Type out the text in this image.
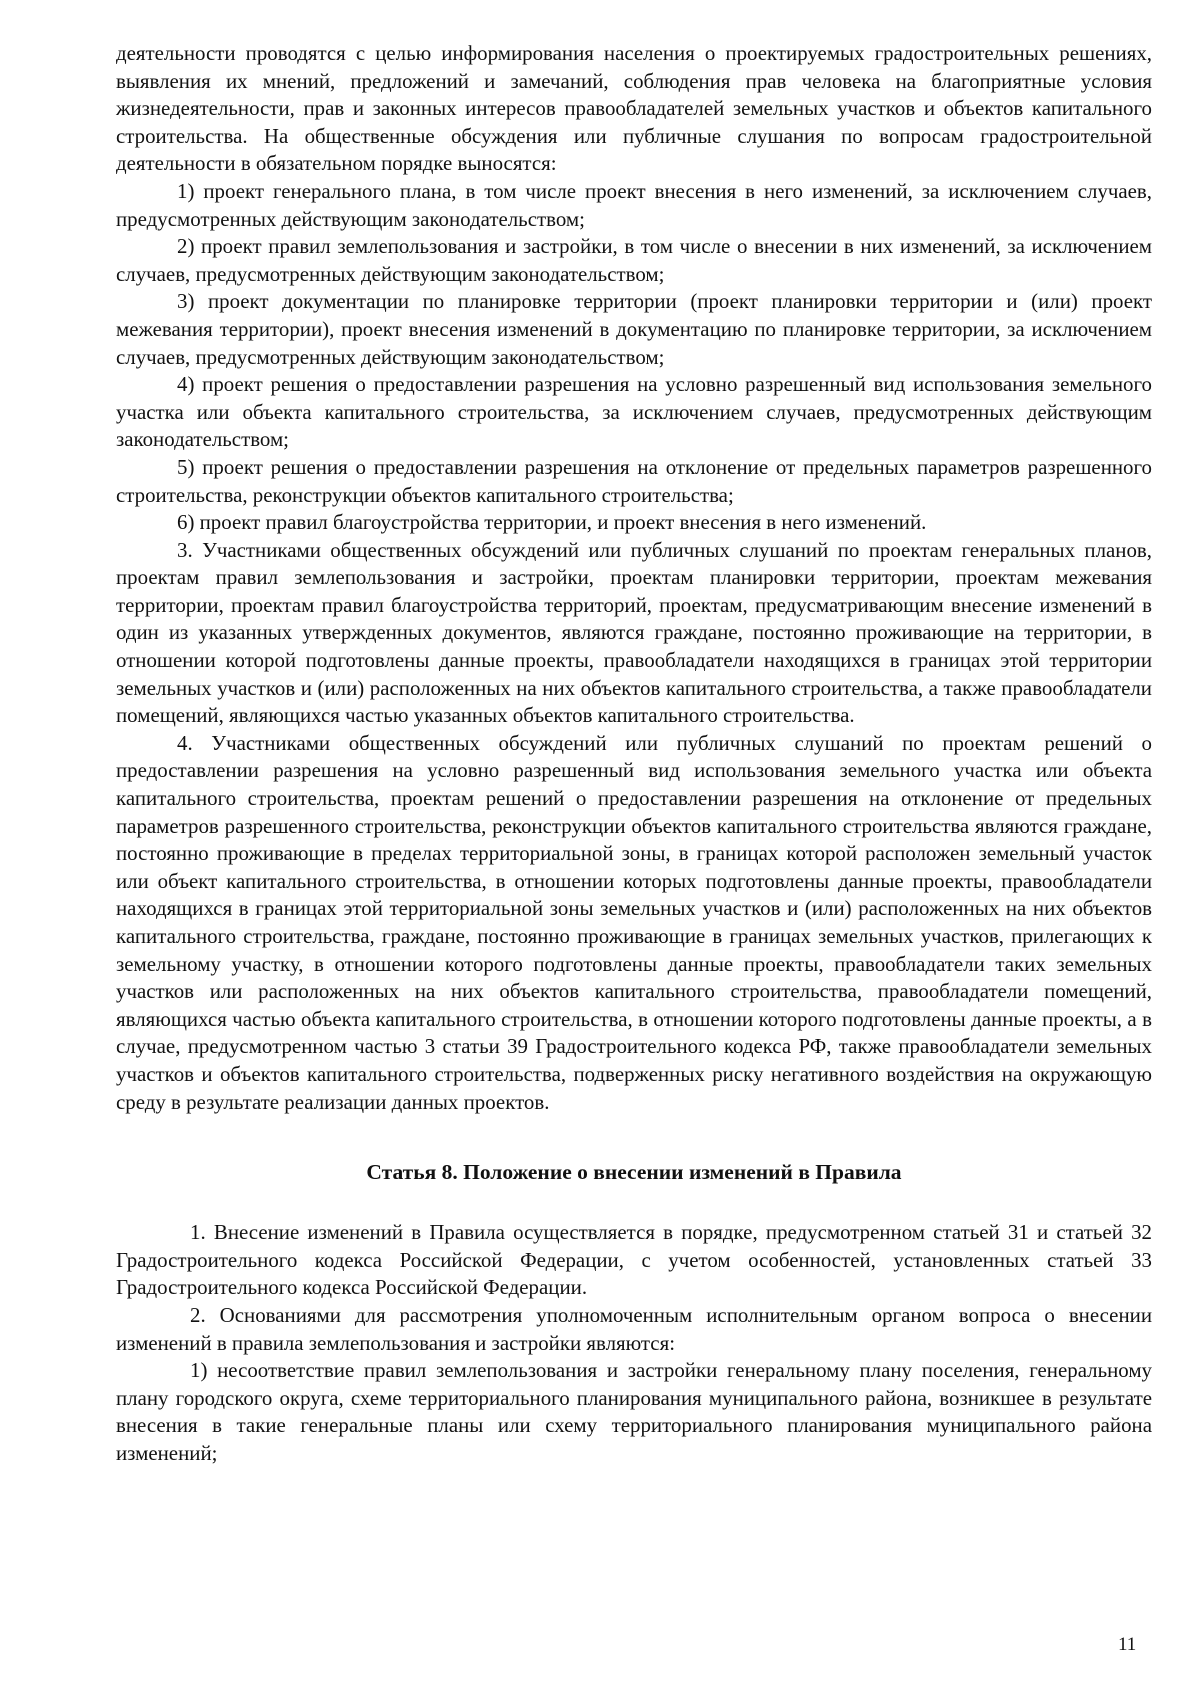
деятельности проводятся с целью информирования населения о проектируемых градостроительных решениях, выявления их мнений, предложений и замечаний, соблюдения прав человека на благоприятные условия жизнедеятельности, прав и законных интересов правообладателей земельных участков и объектов капитального строительства. На общественные обсуждения или публичные слушания по вопросам градостроительной деятельности в обязательном порядке выносятся:

1) проект генерального плана, в том числе проект внесения в него изменений, за исключением случаев, предусмотренных действующим законодательством;

2) проект правил землепользования и застройки, в том числе о внесении в них изменений, за исключением случаев, предусмотренных действующим законодательством;

3) проект документации по планировке территории (проект планировки территории и (или) проект межевания территории), проект внесения изменений в документацию по планировке территории, за исключением случаев, предусмотренных действующим законодательством;

4) проект решения о предоставлении разрешения на условно разрешенный вид использования земельного участка или объекта капитального строительства, за исключением случаев, предусмотренных действующим законодательством;

5) проект решения о предоставлении разрешения на отклонение от предельных параметров разрешенного строительства, реконструкции объектов капитального строительства;

6) проект правил благоустройства территории, и проект внесения в него изменений.

3. Участниками общественных обсуждений или публичных слушаний по проектам генеральных планов, проектам правил землепользования и застройки, проектам планировки территории, проектам межевания территории, проектам правил благоустройства территорий, проектам, предусматривающим внесение изменений в один из указанных утвержденных документов, являются граждане, постоянно проживающие на территории, в отношении которой подготовлены данные проекты, правообладатели находящихся в границах этой территории земельных участков и (или) расположенных на них объектов капитального строительства, а также правообладатели помещений, являющихся частью указанных объектов капитального строительства.

4. Участниками общественных обсуждений или публичных слушаний по проектам решений о предоставлении разрешения на условно разрешенный вид использования земельного участка или объекта капитального строительства, проектам решений о предоставлении разрешения на отклонение от предельных параметров разрешенного строительства, реконструкции объектов капитального строительства являются граждане, постоянно проживающие в пределах территориальной зоны, в границах которой расположен земельный участок или объект капитального строительства, в отношении которых подготовлены данные проекты, правообладатели находящихся в границах этой территориальной зоны земельных участков и (или) расположенных на них объектов капитального строительства, граждане, постоянно проживающие в границах земельных участков, прилегающих к земельному участку, в отношении которого подготовлены данные проекты, правообладатели таких земельных участков или расположенных на них объектов капитального строительства, правообладатели помещений, являющихся частью объекта капитального строительства, в отношении которого подготовлены данные проекты, а в случае, предусмотренном частью 3 статьи 39 Градостроительного кодекса РФ, также правообладатели земельных участков и объектов капитального строительства, подверженных риску негативного воздействия на окружающую среду в результате реализации данных проектов.

Статья 8. Положение о внесении изменений в Правила

1. Внесение изменений в Правила осуществляется в порядке, предусмотренном статьей 31 и статьей 32 Градостроительного кодекса Российской Федерации, с учетом особенностей, установленных статьей 33 Градостроительного кодекса Российской Федерации.

2. Основаниями для рассмотрения уполномоченным исполнительным органом вопроса о внесении изменений в правила землепользования и застройки являются:

1) несоответствие правил землепользования и застройки генеральному плану поселения, генеральному плану городского округа, схеме территориального планирования муниципального района, возникшее в результате внесения в такие генеральные планы или схему территориального планирования муниципального района изменений;

11
